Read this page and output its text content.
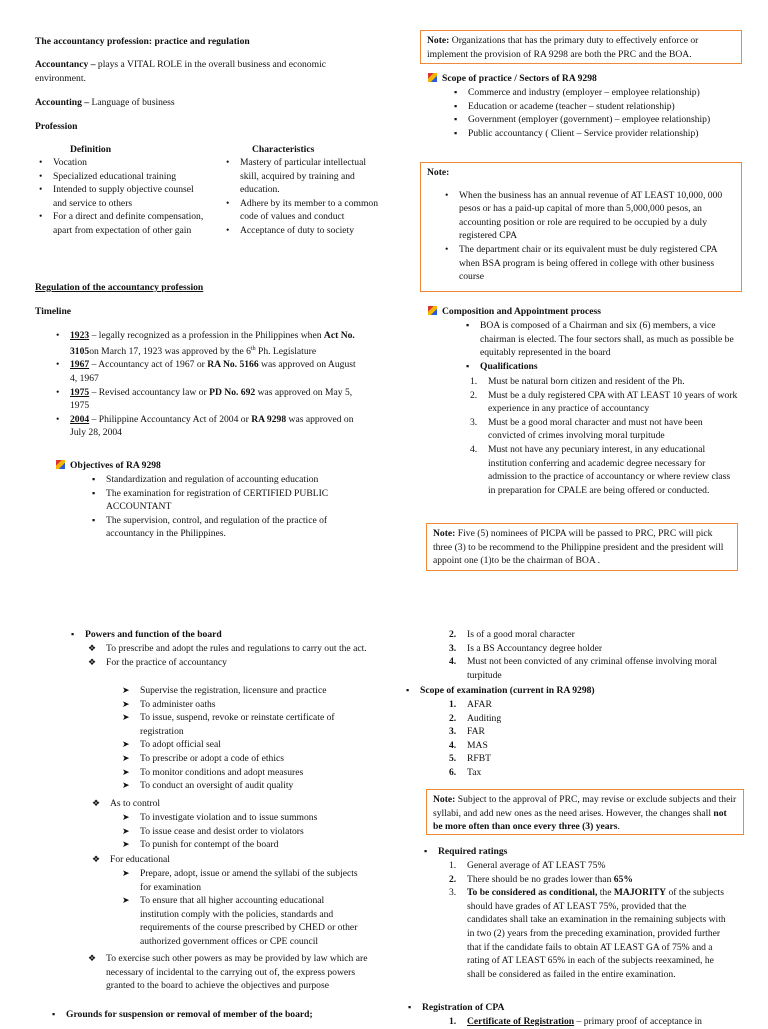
The accountancy profession: practice and regulation
Accountancy – plays a VITAL ROLE in the overall business and economic environment.
Accounting – Language of business
Profession
Definition
• Vocation
• Specialized educational training
• Intended to supply objective counsel and service to others
• For a direct and definite compensation, apart from expectation of other gain
Characteristics
• Mastery of particular intellectual skill, acquired by training and education.
• Adhere by its member to a common code of values and conduct
• Acceptance of duty to society
Regulation of the accountancy profession
Timeline
• 1923 – legally recognized as a profession in the Philippines when Act No. 3105on March 17, 1923 was approved by the 6th Ph. Legislature
• 1967 – Accountancy act of 1967 or RA No. 5166 was approved on August 4, 1967
• 1975 – Revised accountancy law or PD No. 692 was approved on May 5, 1975
• 2004 – Philippine Accountancy Act of 2004 or RA 9298 was approved on July 28, 2004
Objectives of RA 9298
▪ Standardization and regulation of accounting education
▪ The examination for registration of CERTIFIED PUBLIC ACCOUNTANT
▪ The supervision, control, and regulation of the practice of accountancy in the Philippines.
Note: Organizations that has the primary duty to effectively enforce or implement the provision of RA 9298 are both the PRC and the BOA.
Scope of practice / Sectors of RA 9298
▪ Commerce and industry (employer – employee relationship)
▪ Education or academe (teacher – student relationship)
▪ Government (employer (government) – employee relationship)
▪ Public accountancy ( Client – Service provider relationship)
Note:
• When the business has an annual revenue of AT LEAST 10,000, 000 pesos or has a paid-up capital of more than 5,000,000 pesos, an accounting position or role are required to be occupied by a duly registered CPA
• The department chair or its equivalent must be duly registered CPA when BSA program is being offered in college with other business course
Composition and Appointment process
▪ BOA is composed of a Chairman and six (6) members, a vice chairman is elected. The four sectors shall, as much as possible be equitably represented in the board
▪ Qualifications
1. Must be natural born citizen and resident of the Ph.
2. Must be a duly registered CPA with AT LEAST 10 years of work experience in any practice of accountancy
3. Must be a good moral character and must not have been convicted of crimes involving moral turpitude
4. Must not have any pecuniary interest, in any educational institution conferring and academic degree necessary for admission to the practice of accountancy or where review class in preparation for CPALE are being offered or conducted.
Note: Five (5) nominees of PICPA will be passed to PRC, PRC will pick three (3) to be recommend to the Philippine president and the president will appoint one (1)to be the chairman of BOA .
▪ Powers and function of the board
❖ To prescribe and adopt the rules and regulations to carry out the act.
❖ For the practice of accountancy
➤ Supervise the registration, licensure and practice
➤ To administer oaths
➤ To issue, suspend, revoke or reinstate certificate of registration
➤ To adopt official seal
➤ To prescribe or adopt a code of ethics
➤ To monitor conditions and adopt measures
➤ To conduct an oversight of audit quality
❖ As to control
➤ To investigate violation and to issue summons
➤ To issue cease and desist order to violators
➤ To punish for contempt of the board
❖ For educational
➤ Prepare, adopt, issue or amend the syllabi of the subjects for examination
➤ To ensure that all higher accounting educational institution comply with the policies, standards and requirements of the course prescribed by CHED or other authorized government offices or CPE council
❖ To exercise such other powers as may be provided by law which are necessary of incidental to the carrying out of, the express powers granted to the board to achieve the objectives and purpose
▪ Grounds for suspension or removal of member of the board;
2. Is of a good moral character
3. Is a BS Accountancy degree holder
4. Must not been convicted of any criminal offense involving moral turpitude
▪ Scope of examination (current in RA 9298)
1. AFAR
2. Auditing
3. FAR
4. MAS
5. RFBT
6. Tax
Note: Subject to the approval of PRC, may revise or exclude subjects and their syllabi, and add new ones as the need arises. However, the changes shall not be more often than once every three (3) years.
▪ Required ratings
1. General average of AT LEAST 75%
2. There should be no grades lower than 65%
3. To be considered as conditional, the MAJORITY of the subjects should have grades of AT LEAST 75%, provided that the candidates shall take an examination in the remaining subjects with in two (2) years from the preceding examination, provided further that if the candidate fails to obtain AT LEAST GA of 75% and a rating of AT LEAST 65% in each of the subjects reexamined, he shall be considered as failed in the entire examination.
▪ Registration of CPA
1. Certificate of Registration – primary proof of acceptance in
